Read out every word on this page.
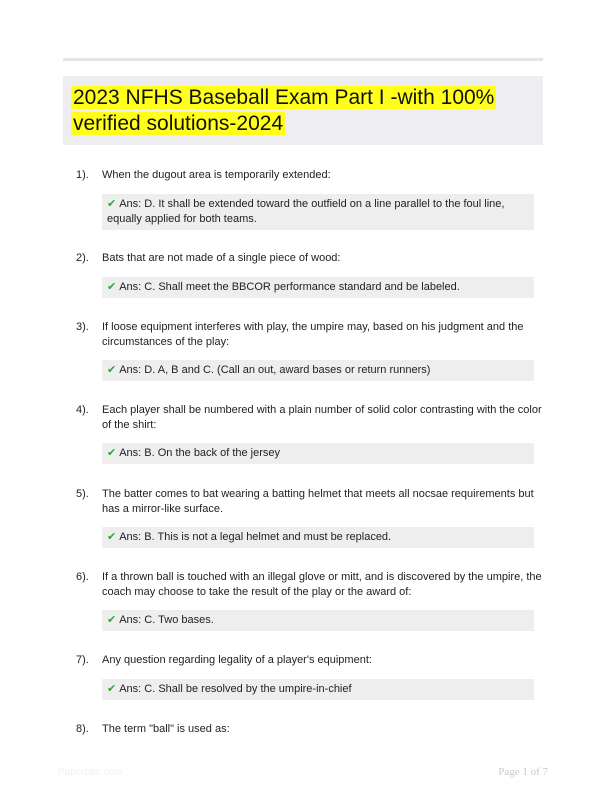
2023 NFHS Baseball Exam Part I -with 100% verified solutions-2024
1). When the dugout area is temporarily extended:
✔ Ans: D. It shall be extended toward the outfield on a line parallel to the foul line, equally applied for both teams.
2). Bats that are not made of a single piece of wood:
✔ Ans: C. Shall meet the BBCOR performance standard and be labeled.
3). If loose equipment interferes with play, the umpire may, based on his judgment and the circumstances of the play:
✔ Ans: D. A, B and C. (Call an out, award bases or return runners)
4). Each player shall be numbered with a plain number of solid color contrasting with the color of the shirt:
✔ Ans: B. On the back of the jersey
5). The batter comes to bat wearing a batting helmet that meets all nocsae requirements but has a mirror-like surface.
✔ Ans: B. This is not a legal helmet and must be replaced.
6). If a thrown ball is touched with an illegal glove or mitt, and is discovered by the umpire, the coach may choose to take the result of the play or the award of:
✔ Ans: C. Two bases.
7). Any question regarding legality of a player's equipment:
✔ Ans: C. Shall be resolved by the umpire-in-chief
8). The term "ball" is used as:
Paperbbc.com	Page 1 of 7
